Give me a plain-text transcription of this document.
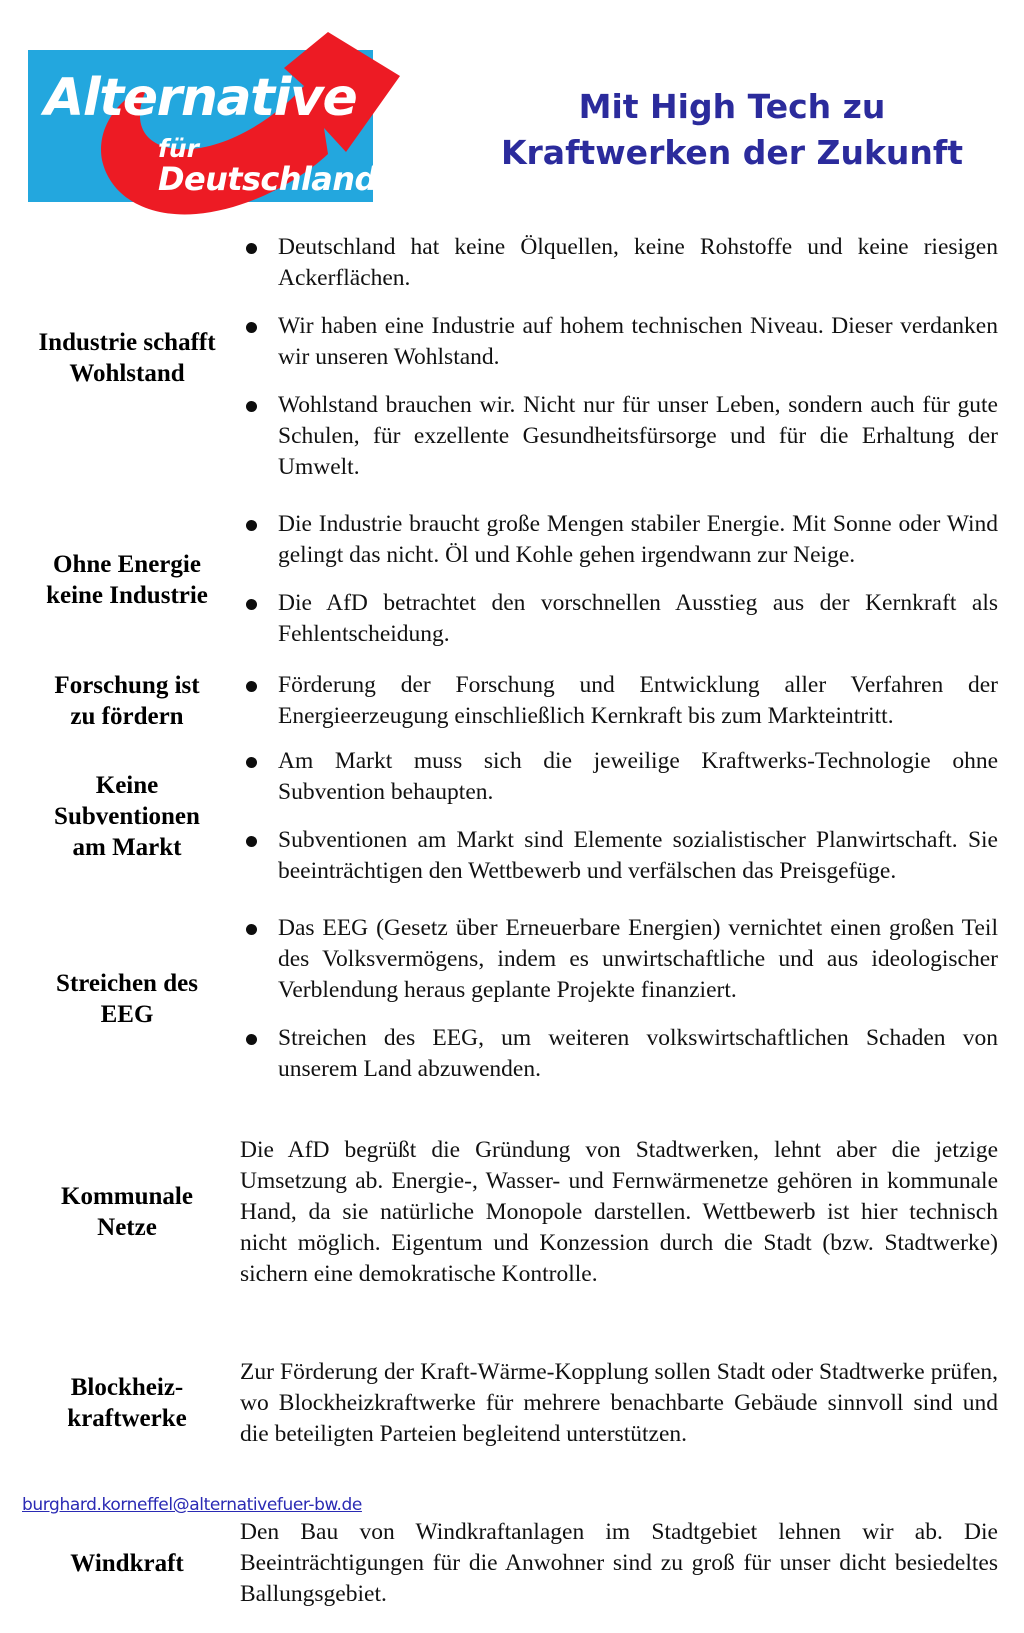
Alternative
für
Deutschland
Mit High Tech zu
Kraftwerken der Zukunft
Industrie schafft
Wohlstand
Deutschland hat keine Ölquellen, keine Rohstoffe und keine riesigen Ackerflächen.
Wir haben eine Industrie auf hohem technischen Niveau. Dieser verdanken wir unseren Wohlstand.
Wohlstand brauchen wir. Nicht nur für unser Leben, sondern auch für gute Schulen, für exzellente Gesundheitsfürsorge und für die Erhaltung der Umwelt.
Ohne Energie
keine Industrie
Die Industrie braucht große Mengen stabiler Energie. Mit Sonne oder Wind gelingt das nicht. Öl und Kohle gehen irgendwann zur Neige.
Die AfD betrachtet den vorschnellen Ausstieg aus der Kernkraft als Fehlentscheidung.
Forschung ist
zu fördern
Förderung der Forschung und Entwicklung aller Verfahren der Energieerzeugung einschließlich Kernkraft bis zum Markteintritt.
Keine
Subventionen
am Markt
Am Markt muss sich die jeweilige Kraftwerks-Technologie ohne Subvention behaupten.
Subventionen am Markt sind Elemente sozialistischer Planwirtschaft. Sie beeinträchtigen den Wettbewerb und verfälschen das Preisgefüge.
Streichen des
EEG
Das EEG (Gesetz über Erneuerbare Energien) vernichtet einen großen Teil des Volksvermögens, indem es unwirtschaftliche und aus ideologischer Verblendung heraus geplante Projekte finanziert.
Streichen des EEG, um weiteren volkswirtschaftlichen Schaden von unserem Land abzuwenden.
Kommunale
Netze

Die AfD begrüßt die Gründung von Stadtwerken, lehnt aber die jetzige Umsetzung ab. Energie-, Wasser- und Fernwärmenetze gehören in kommunale Hand, da sie natürliche Monopole darstellen. Wettbewerb ist hier technisch nicht möglich. Eigentum und Konzession durch die Stadt (bzw. Stadtwerke) sichern eine demokratische Kontrolle.

Blockheiz-
kraftwerke

Zur Förderung der Kraft-Wärme-Kopplung sollen Stadt oder Stadtwerke prüfen, wo Blockheizkraftwerke für mehrere benachbarte Gebäude sinnvoll sind und die beteiligten Parteien begleitend unterstützen.

Windkraft

Den Bau von Windkraftanlagen im Stadtgebiet lehnen wir ab. Die Beeinträchtigungen für die Anwohner sind zu groß für unser dicht besiedeltes Ballungsgebiet.

burghard.korneffel@alternativefuer-bw.de
